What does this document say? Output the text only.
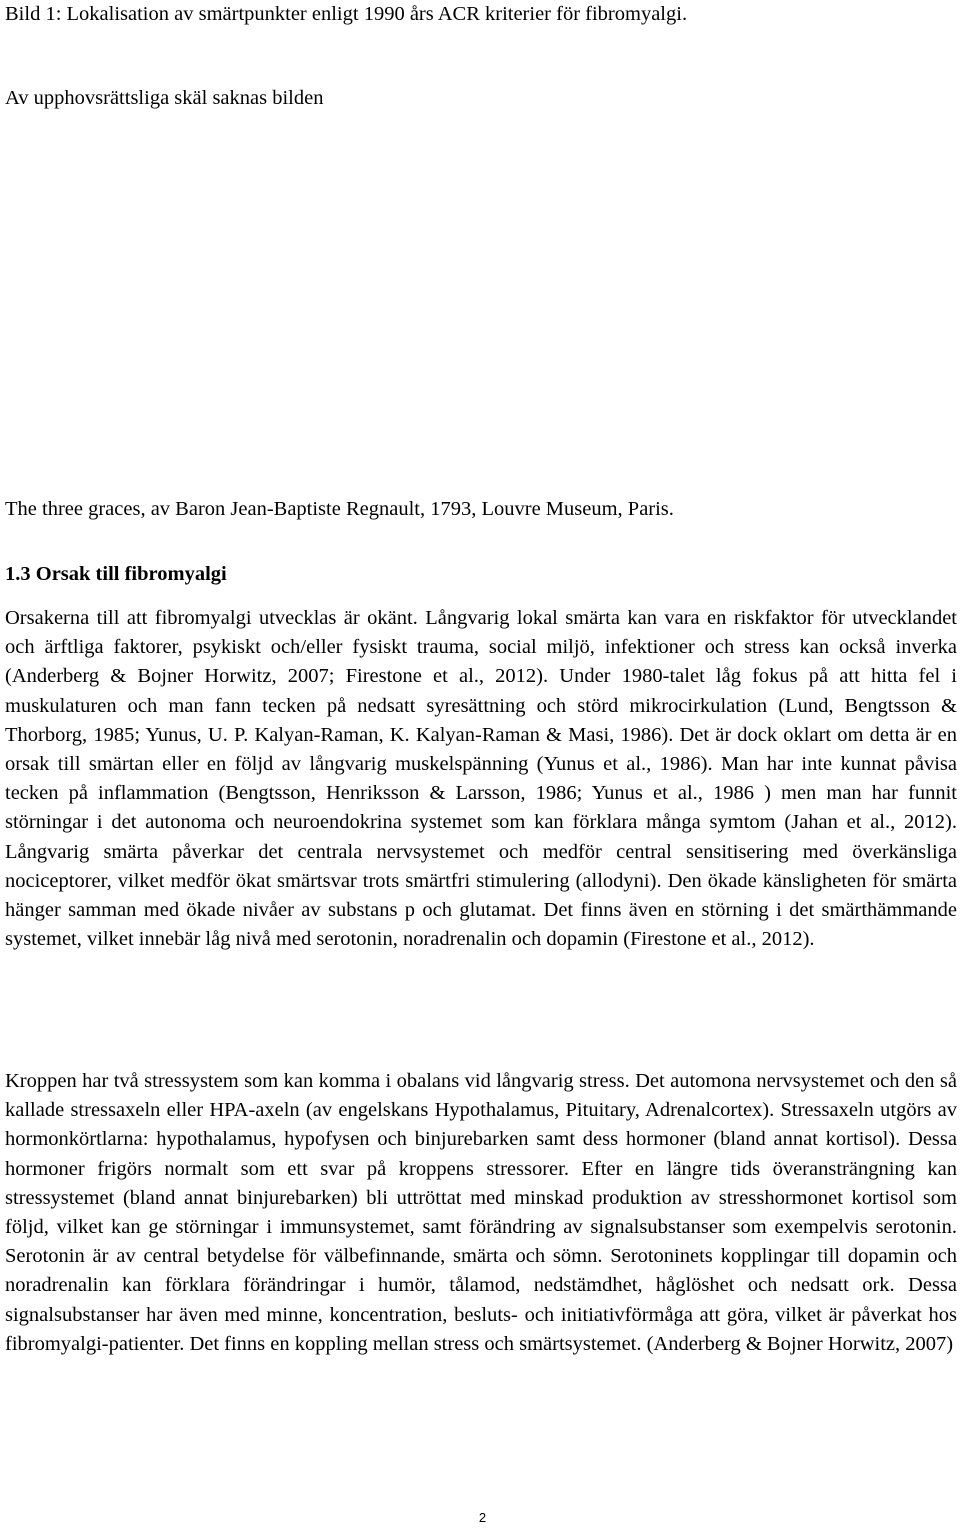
Bild 1: Lokalisation av smärtpunkter enligt 1990 års ACR kriterier för fibromyalgi.
Av upphovsrättsliga skäl saknas bilden
The three graces, av Baron Jean-Baptiste Regnault, 1793, Louvre Museum, Paris.
1.3 Orsak till fibromyalgi

Orsakerna till att fibromyalgi utvecklas är okänt. Långvarig lokal smärta kan vara en riskfaktor för utvecklandet och ärftliga faktorer, psykiskt och/eller fysiskt trauma, social miljö, infektioner och stress kan också inverka (Anderberg & Bojner Horwitz, 2007; Firestone et al., 2012). Under 1980-talet låg fokus på att hitta fel i muskulaturen och man fann tecken på nedsatt syresättning och störd mikrocirkulation (Lund, Bengtsson & Thorborg, 1985; Yunus, U. P. Kalyan-Raman, K. Kalyan-Raman & Masi, 1986). Det är dock oklart om detta är en orsak till smärtan eller en följd av långvarig muskelspänning (Yunus et al., 1986). Man har inte kunnat påvisa tecken på inflammation (Bengtsson, Henriksson & Larsson, 1986; Yunus et al., 1986 ) men man har funnit störningar i det autonoma och neuroendokrina systemet som kan förklara många symtom (Jahan et al., 2012). Långvarig smärta påverkar det centrala nervsystemet och medför central sensitisering med överkänsliga nociceptorer, vilket medför ökat smärtsvar trots smärtfri stimulering (allodyni). Den ökade känsligheten för smärta hänger samman med ökade nivåer av substans p och glutamat. Det finns även en störning i det smärthämmande systemet, vilket innebär låg nivå med serotonin, noradrenalin och dopamin (Firestone et al., 2012).

Kroppen har två stressystem som kan komma i obalans vid långvarig stress. Det automona nervsystemet och den så kallade stressaxeln eller HPA-axeln (av engelskans Hypothalamus, Pituitary, Adrenalcortex). Stressaxeln utgörs av hormonkörtlarna: hypothalamus, hypofysen och binjurebarken samt dess hormoner (bland annat kortisol). Dessa hormoner frigörs normalt som ett svar på kroppens stressorer. Efter en längre tids överansträngning kan stressystemet (bland annat binjurebarken) bli uttröttat med minskad produktion av stresshormonet kortisol som följd, vilket kan ge störningar i immunsystemet, samt förändring av signalsubstanser som exempelvis serotonin. Serotonin är av central betydelse för välbefinnande, smärta och sömn. Serotoninets kopplingar till dopamin och noradrenalin kan förklara förändringar i humör, tålamod, nedstämdhet, håglöshet och nedsatt ork. Dessa signalsubstanser har även med minne, koncentration, besluts- och initiativförmåga att göra, vilket är påverkat hos fibromyalgi-patienter. Det finns en koppling mellan stress och smärtsystemet. (Anderberg & Bojner Horwitz, 2007)

2
